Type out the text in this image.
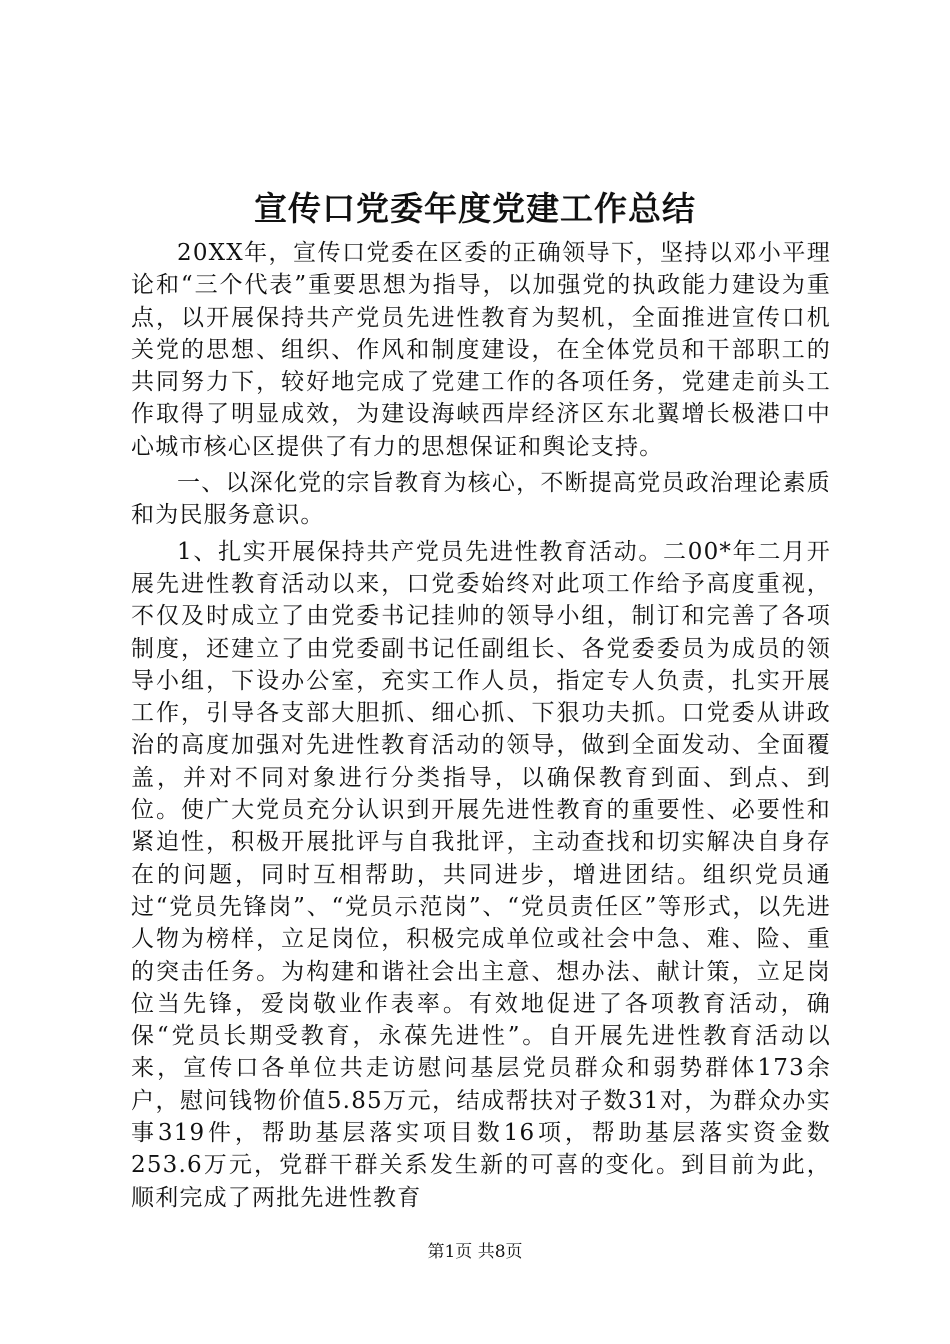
宣传口党委年度党建工作总结

20XX年，宣传口党委在区委的正确领导下，坚持以邓小平理论和“三个代表”重要思想为指导，以加强党的执政能力建设为重点，以开展保持共产党员先进性教育为契机，全面推进宣传口机关党的思想、组织、作风和制度建设，在全体党员和干部职工的共同努力下，较好地完成了党建工作的各项任务，党建走前头工作取得了明显成效，为建设海峡西岸经济区东北翼增长极港口中心城市核心区提供了有力的思想保证和舆论支持。

一、以深化党的宗旨教育为核心，不断提高党员政治理论素质和为民服务意识。

1、扎实开展保持共产党员先进性教育活动。二00*年二月开展先进性教育活动以来，口党委始终对此项工作给予高度重视，不仅及时成立了由党委书记挂帅的领导小组，制订和完善了各项制度，还建立了由党委副书记任副组长、各党委委员为成员的领导小组，下设办公室，充实工作人员，指定专人负责，扎实开展工作，引导各支部大胆抓、细心抓、下狠功夫抓。口党委从讲政治的高度加强对先进性教育活动的领导，做到全面发动、全面覆盖，并对不同对象进行分类指导，以确保教育到面、到点、到位。使广大党员充分认识到开展先进性教育的重要性、必要性和紧迫性，积极开展批评与自我批评，主动查找和切实解决自身存在的问题，同时互相帮助，共同进步，增进团结。组织党员通过“党员先锋岗”、“党员示范岗”、“党员责任区”等形式，以先进人物为榜样，立足岗位，积极完成单位或社会中急、难、险、重的突击任务。为构建和谐社会出主意、想办法、献计策，立足岗位当先锋，爱岗敬业作表率。有效地促进了各项教育活动，确保“党员长期受教育，永葆先进性”。自开展先进性教育活动以来，宣传口各单位共走访慰问基层党员群众和弱势群体173余户，慰问钱物价值5.85万元，结成帮扶对子数31对，为群众办实事319件，帮助基层落实项目数16项，帮助基层落实资金数253.6万元，党群干群关系发生新的可喜的变化。到目前为此，顺利完成了两批先进性教育

第1页 共8页
